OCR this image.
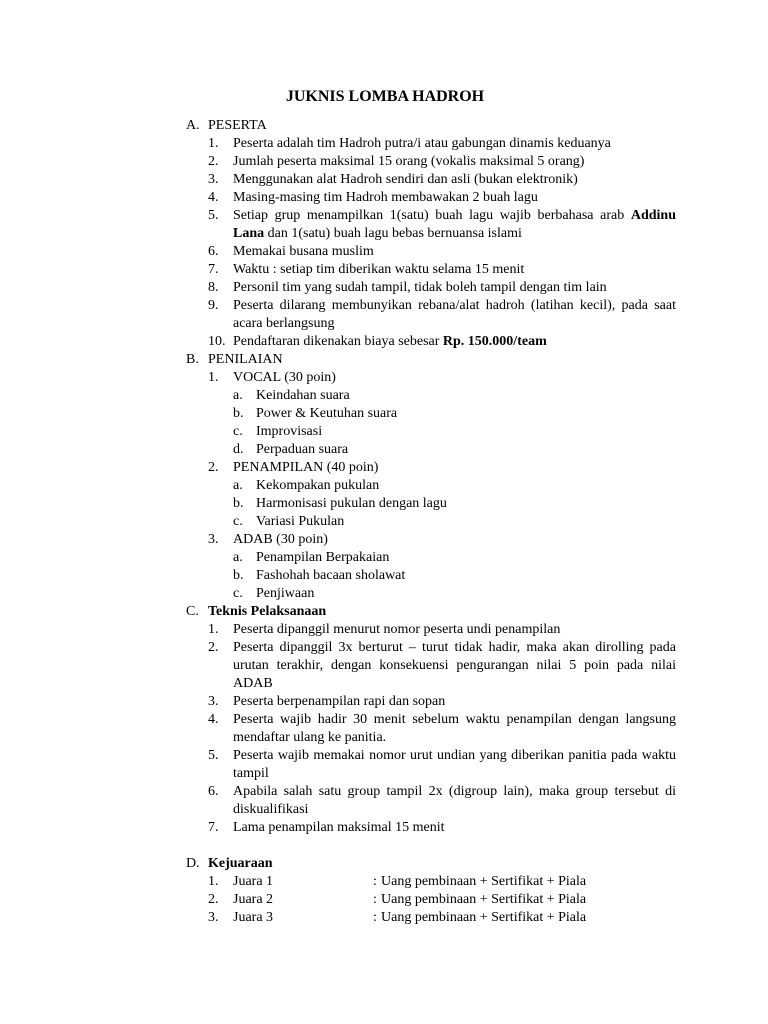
JUKNIS LOMBA HADROH
A. PESERTA
1.	Peserta adalah tim Hadroh putra/i atau gabungan dinamis keduanya
2.	Jumlah peserta maksimal 15 orang (vokalis maksimal 5 orang)
3.	Menggunakan alat Hadroh sendiri dan asli (bukan elektronik)
4.	Masing-masing tim Hadroh membawakan 2 buah lagu
5.	Setiap grup menampilkan 1(satu) buah lagu wajib berbahasa arab Addinu Lana dan 1(satu) buah lagu bebas bernuansa islami
6.	Memakai busana muslim
7.	Waktu : setiap tim diberikan waktu selama 15 menit
8.	Personil tim yang sudah tampil, tidak boleh tampil dengan tim lain
9.	Peserta dilarang membunyikan rebana/alat hadroh (latihan kecil), pada saat acara berlangsung
10. Pendaftaran dikenakan biaya sebesar Rp. 150.000/team
B. PENILAIAN
1.	VOCAL (30 poin)
a. Keindahan suara
b. Power & Keutuhan suara
c. Improvisasi
d. Perpaduan suara
2.	PENAMPILAN (40 poin)
a. Kekompakan pukulan
b. Harmonisasi pukulan dengan lagu
c. Variasi Pukulan
3.	ADAB (30 poin)
a. Penampilan Berpakaian
b. Fashohah bacaan sholawat
c. Penjiwaan
C. Teknis Pelaksanaan
1.	Peserta dipanggil menurut nomor peserta undi penampilan
2.	Peserta dipanggil 3x berturut – turut tidak hadir, maka akan dirolling pada urutan terakhir, dengan konsekuensi pengurangan nilai 5 poin pada nilai ADAB
3.	Peserta berpenampilan rapi dan sopan
4.	Peserta wajib hadir 30 menit sebelum waktu penampilan dengan langsung mendaftar ulang ke panitia.
5.	Peserta wajib memakai nomor urut undian yang diberikan panitia pada waktu tampil
6.	Apabila salah satu group tampil 2x (digroup lain), maka group tersebut di diskualifikasi
7.	Lama penampilan maksimal 15 menit
D. Kejuaraan
1.	Juara 1	: Uang pembinaan + Sertifikat + Piala
2.	Juara 2	: Uang pembinaan + Sertifikat + Piala
3.	Juara 3	: Uang pembinaan + Sertifikat + Piala
